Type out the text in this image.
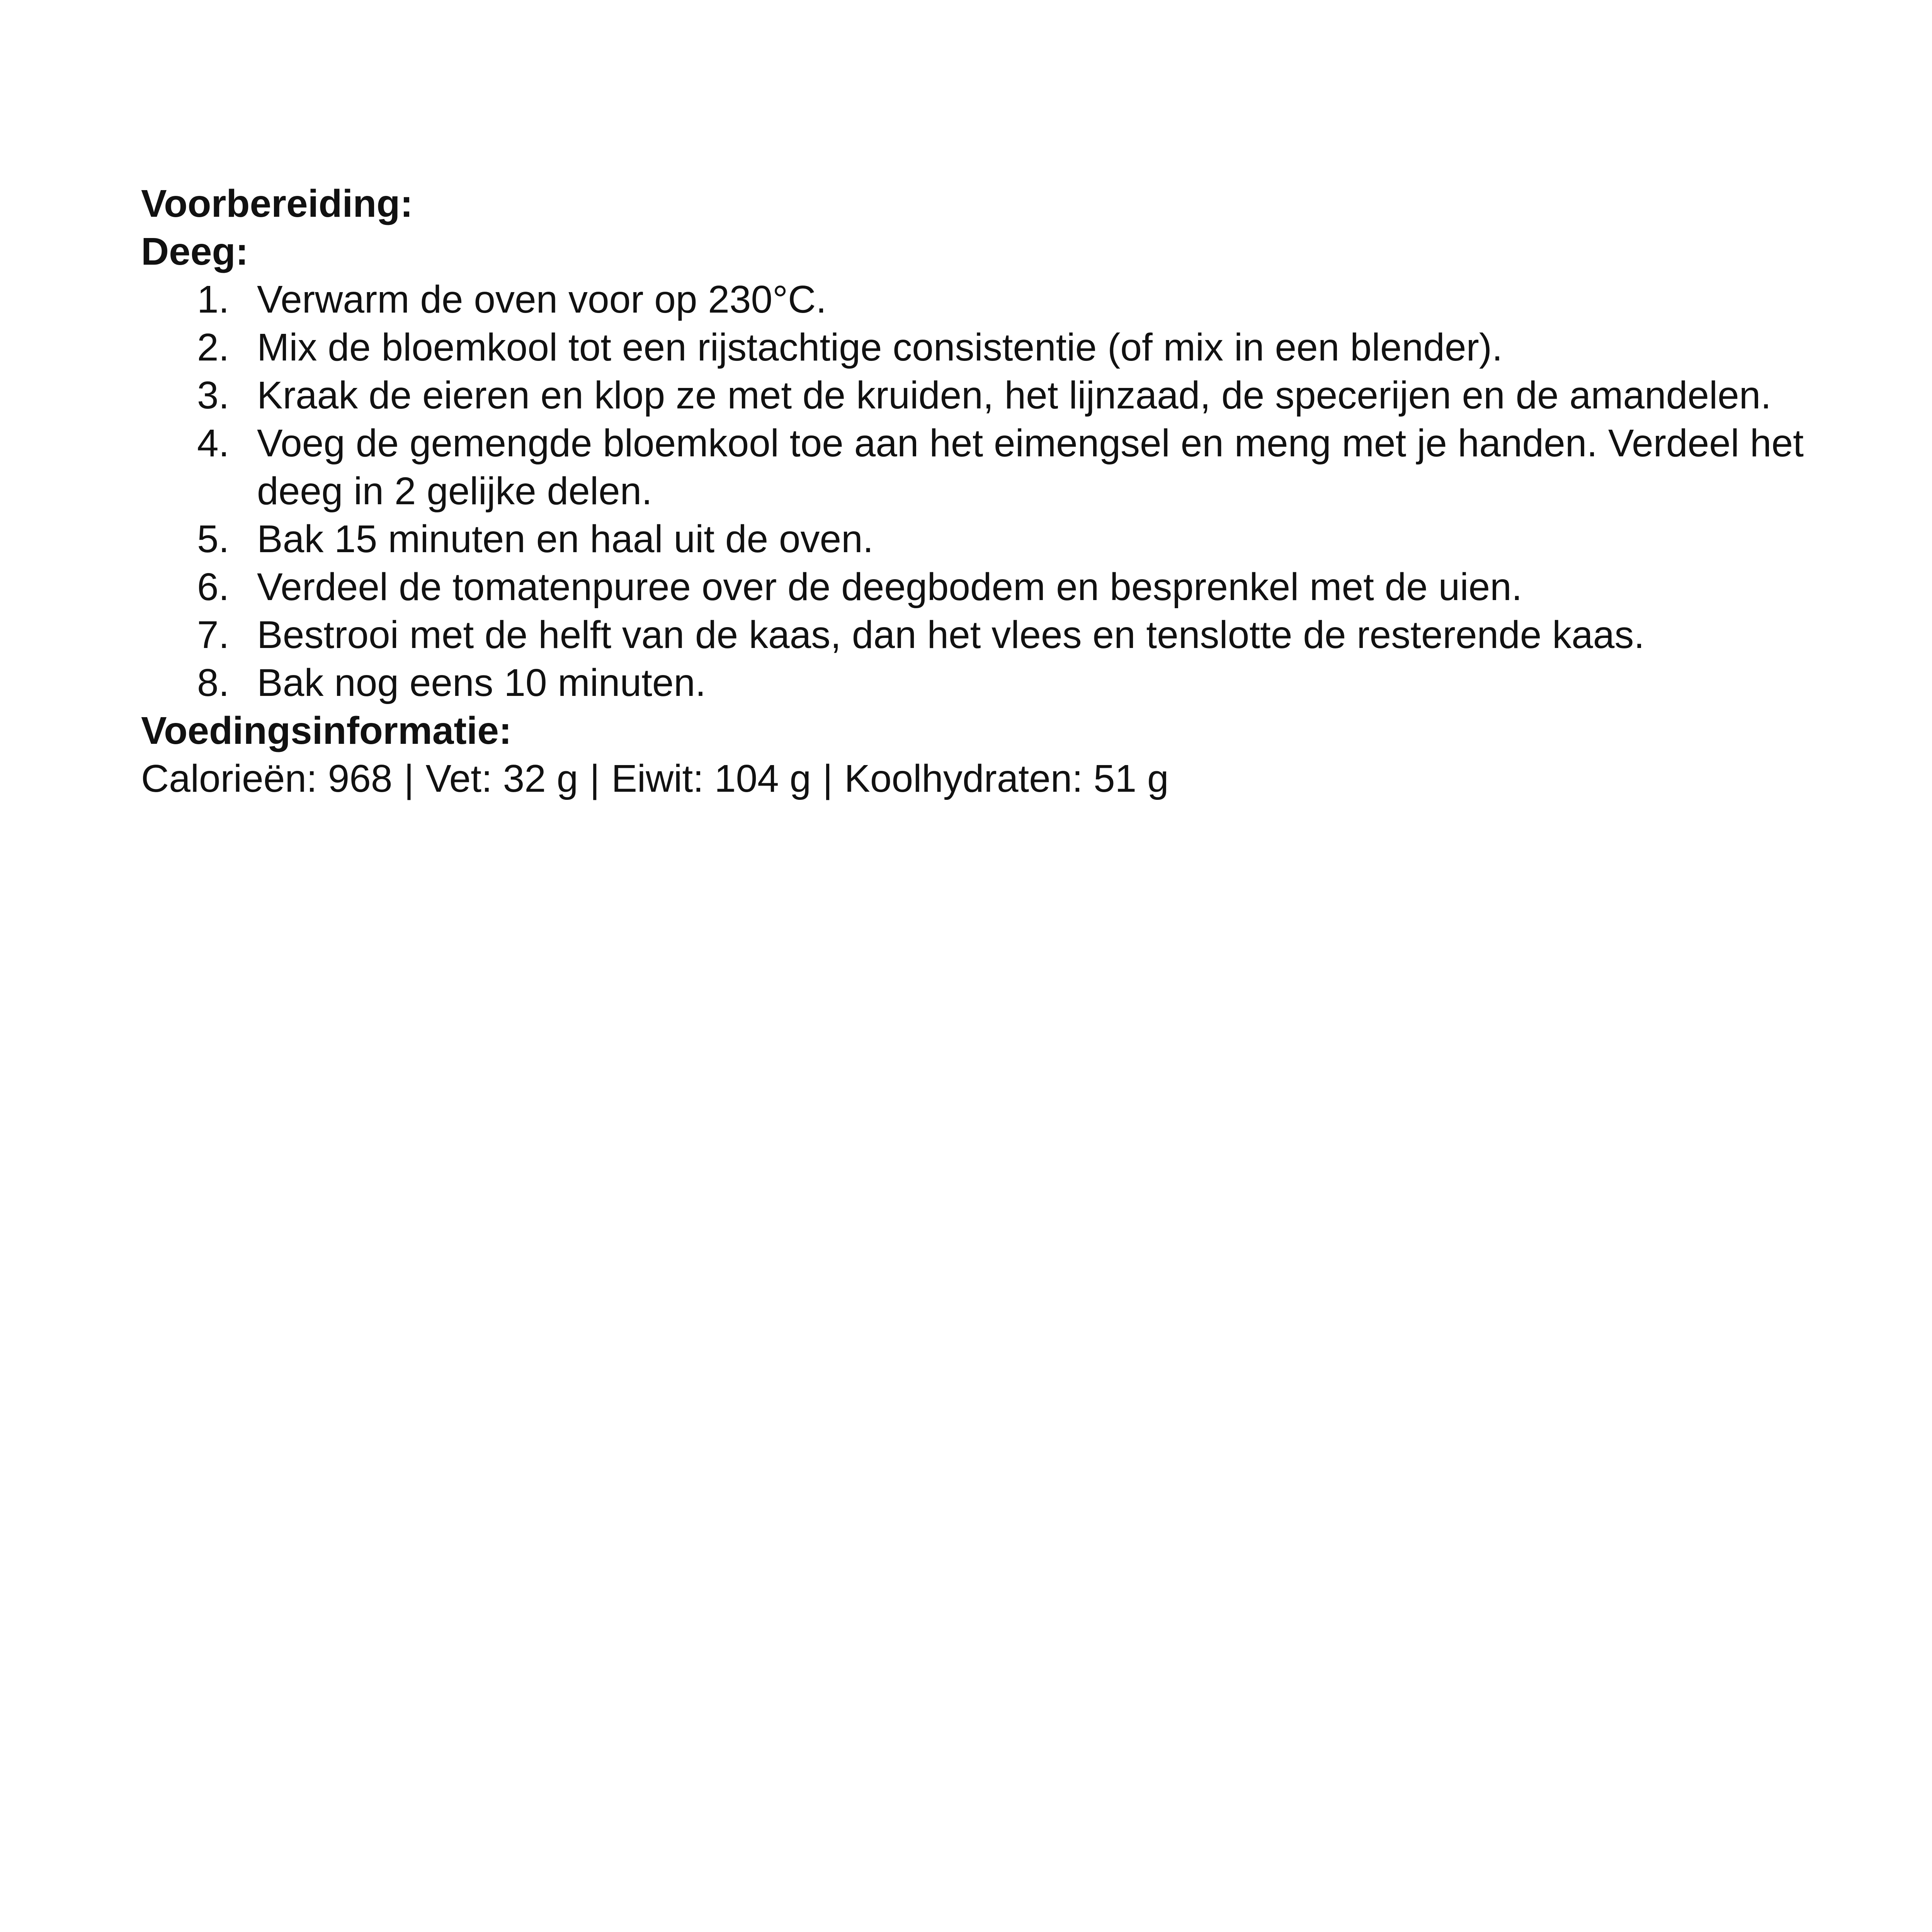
Voorbereiding:

Deeg:

1. Verwarm de oven voor op 230°C.
2. Mix de bloemkool tot een rijstachtige consistentie (of mix in een blender).
3. Kraak de eieren en klop ze met de kruiden, het lijnzaad, de specerijen en de amandelen.
4. Voeg de gemengde bloemkool toe aan het eimengsel en meng met je handen. Verdeel het deeg in 2 gelijke delen.
5. Bak 15 minuten en haal uit de oven.
6. Verdeel de tomatenpuree over de deegbodem en besprenkel met de uien.
7. Bestrooi met de helft van de kaas, dan het vlees en tenslotte de resterende kaas.
8. Bak nog eens 10 minuten.

Voedingsinformatie:

Calorieën: 968 | Vet: 32 g | Eiwit: 104 g | Koolhydraten: 51 g
